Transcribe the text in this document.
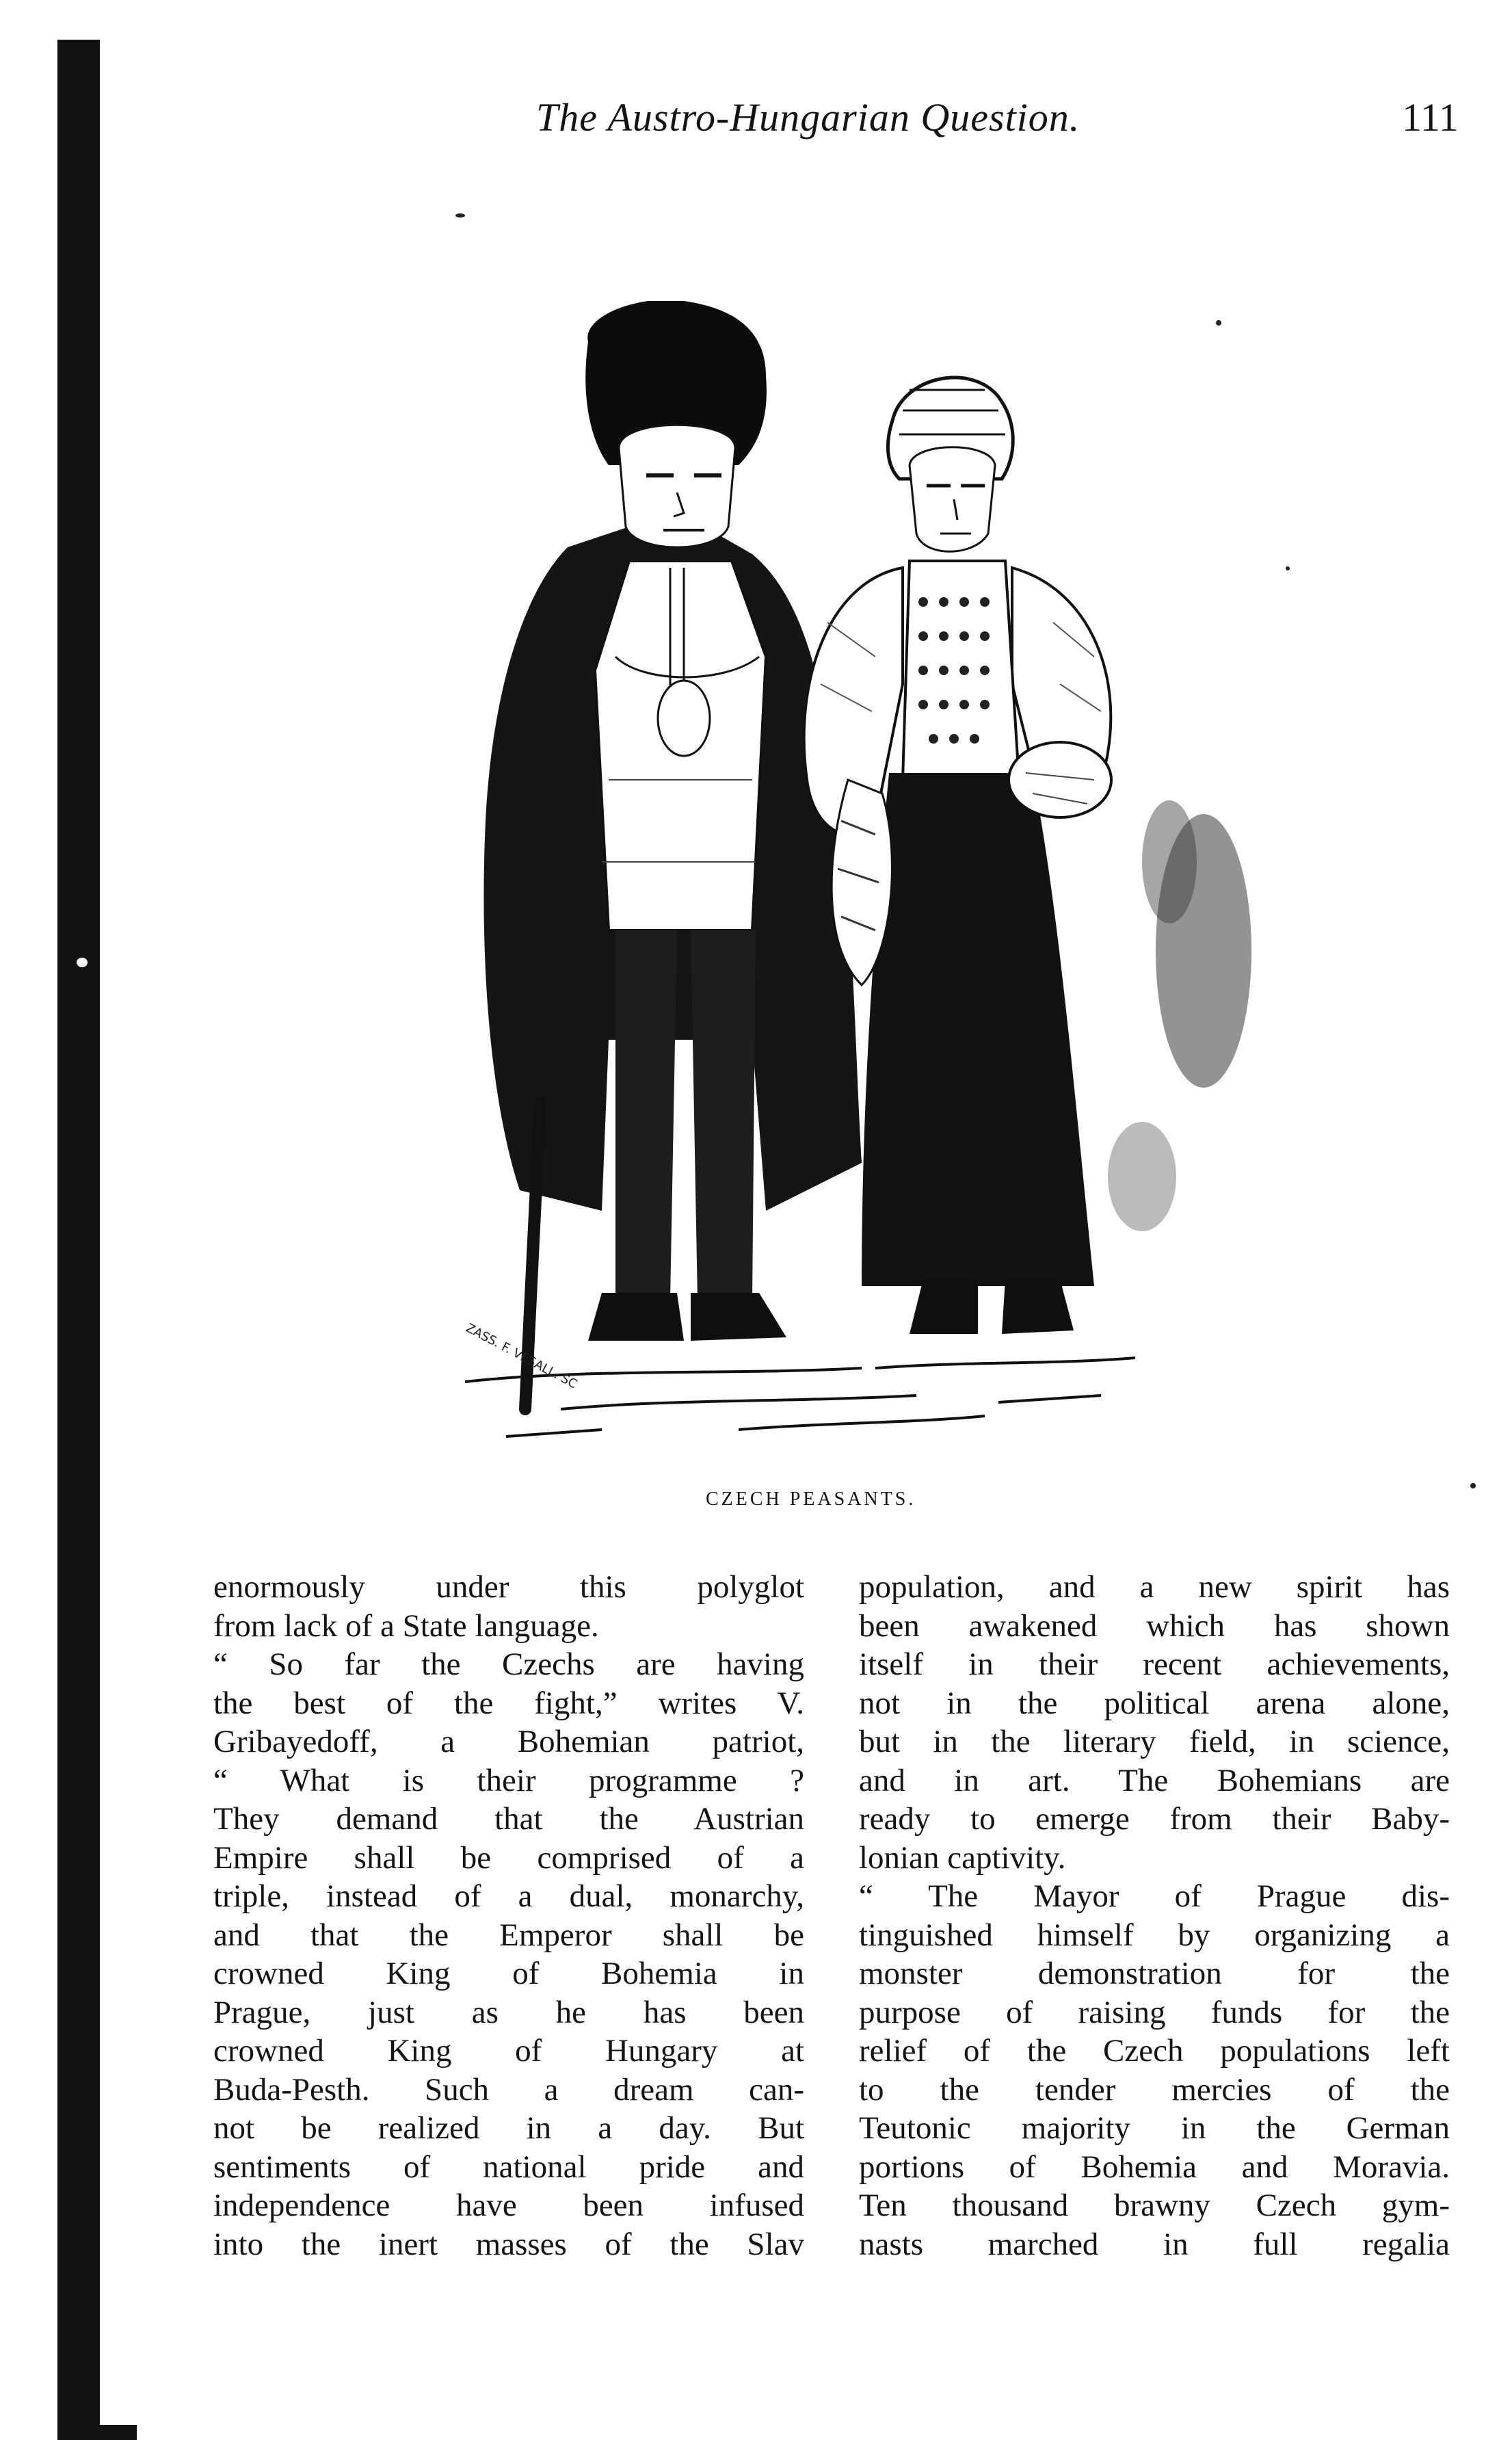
The Austro-Hungarian Question.	111
ZASS. F. VESALL. SC
CZECH PEASANTS.
enormously under this polyglot
from lack of a State language.
“ So far the Czechs are having
the best of the fight,” writes V.
Gribayedoff, a Bohemian patriot,
“ What is their programme ?
They demand that the Austrian
Empire shall be comprised of a
triple, instead of a dual, monarchy,
and that the Emperor shall be
crowned King of Bohemia in
Prague, just as he has been
crowned King of Hungary at
Buda-Pesth. Such a dream can-
not be realized in a day. But
sentiments of national pride and
independence have been infused
into the inert masses of the Slav
population, and a new spirit has
been awakened which has shown
itself in their recent achievements,
not in the political arena alone,
but in the literary field, in science,
and in art. The Bohemians are
ready to emerge from their Baby-
lonian captivity.
“ The Mayor of Prague dis-
tinguished himself by organizing a
monster demonstration for the
purpose of raising funds for the
relief of the Czech populations left
to the tender mercies of the
Teutonic majority in the German
portions of Bohemia and Moravia.
Ten thousand brawny Czech gym-
nasts marched in full regalia
